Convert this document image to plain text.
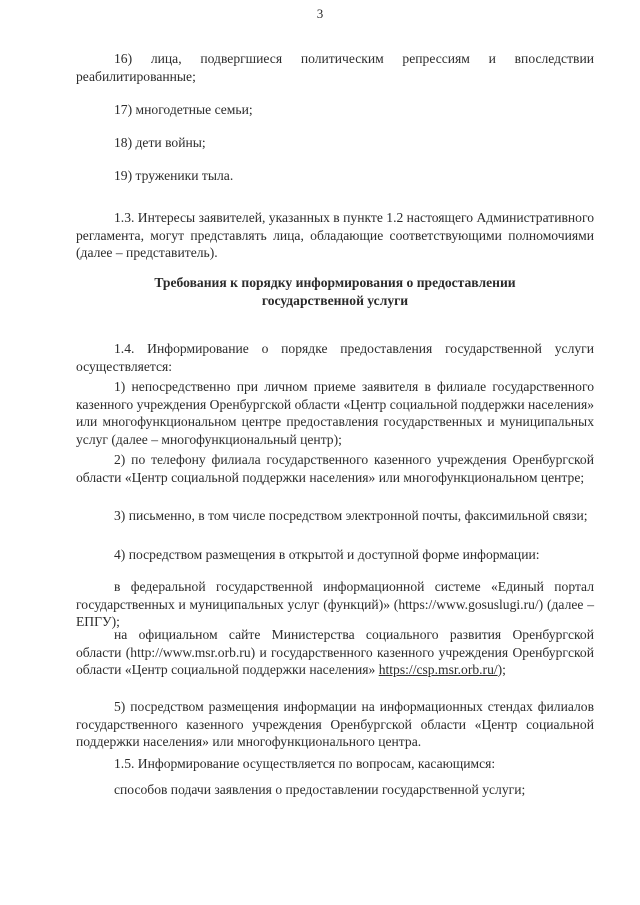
3
16) лица, подвергшиеся политическим репрессиям и впоследствии реабилитированные;
17) многодетные семьи;
18) дети войны;
19) труженики тыла.
1.3. Интересы заявителей, указанных в пункте 1.2 настоящего Административного регламента, могут представлять лица, обладающие соответствующими полномочиями (далее – представитель).
Требования к порядку информирования о предоставлении
государственной услуги
1.4. Информирование о порядке предоставления государственной услуги осуществляется:
1) непосредственно при личном приеме заявителя в филиале государственного казенного учреждения Оренбургской области «Центр социальной поддержки населения» или многофункциональном центре предоставления государственных и муниципальных услуг (далее – многофункциональный центр);
2) по телефону филиала государственного казенного учреждения Оренбургской области «Центр социальной поддержки населения» или многофункциональном центре;
3) письменно, в том числе посредством электронной почты, факсимильной связи;
4) посредством размещения в открытой и доступной форме информации:
в федеральной государственной информационной системе «Единый портал государственных и муниципальных услуг (функций)» (https://www.gosuslugi.ru/) (далее – ЕПГУ);
на официальном сайте Министерства социального развития Оренбургской области (http://www.msr.orb.ru) и государственного казенного учреждения Оренбургской области «Центр социальной поддержки населения» https://csp.msr.orb.ru/);
5) посредством размещения информации на информационных стендах филиалов государственного казенного учреждения Оренбургской области «Центр социальной поддержки населения» или многофункционального центра.
1.5. Информирование осуществляется по вопросам, касающимся:
способов подачи заявления о предоставлении государственной услуги;
